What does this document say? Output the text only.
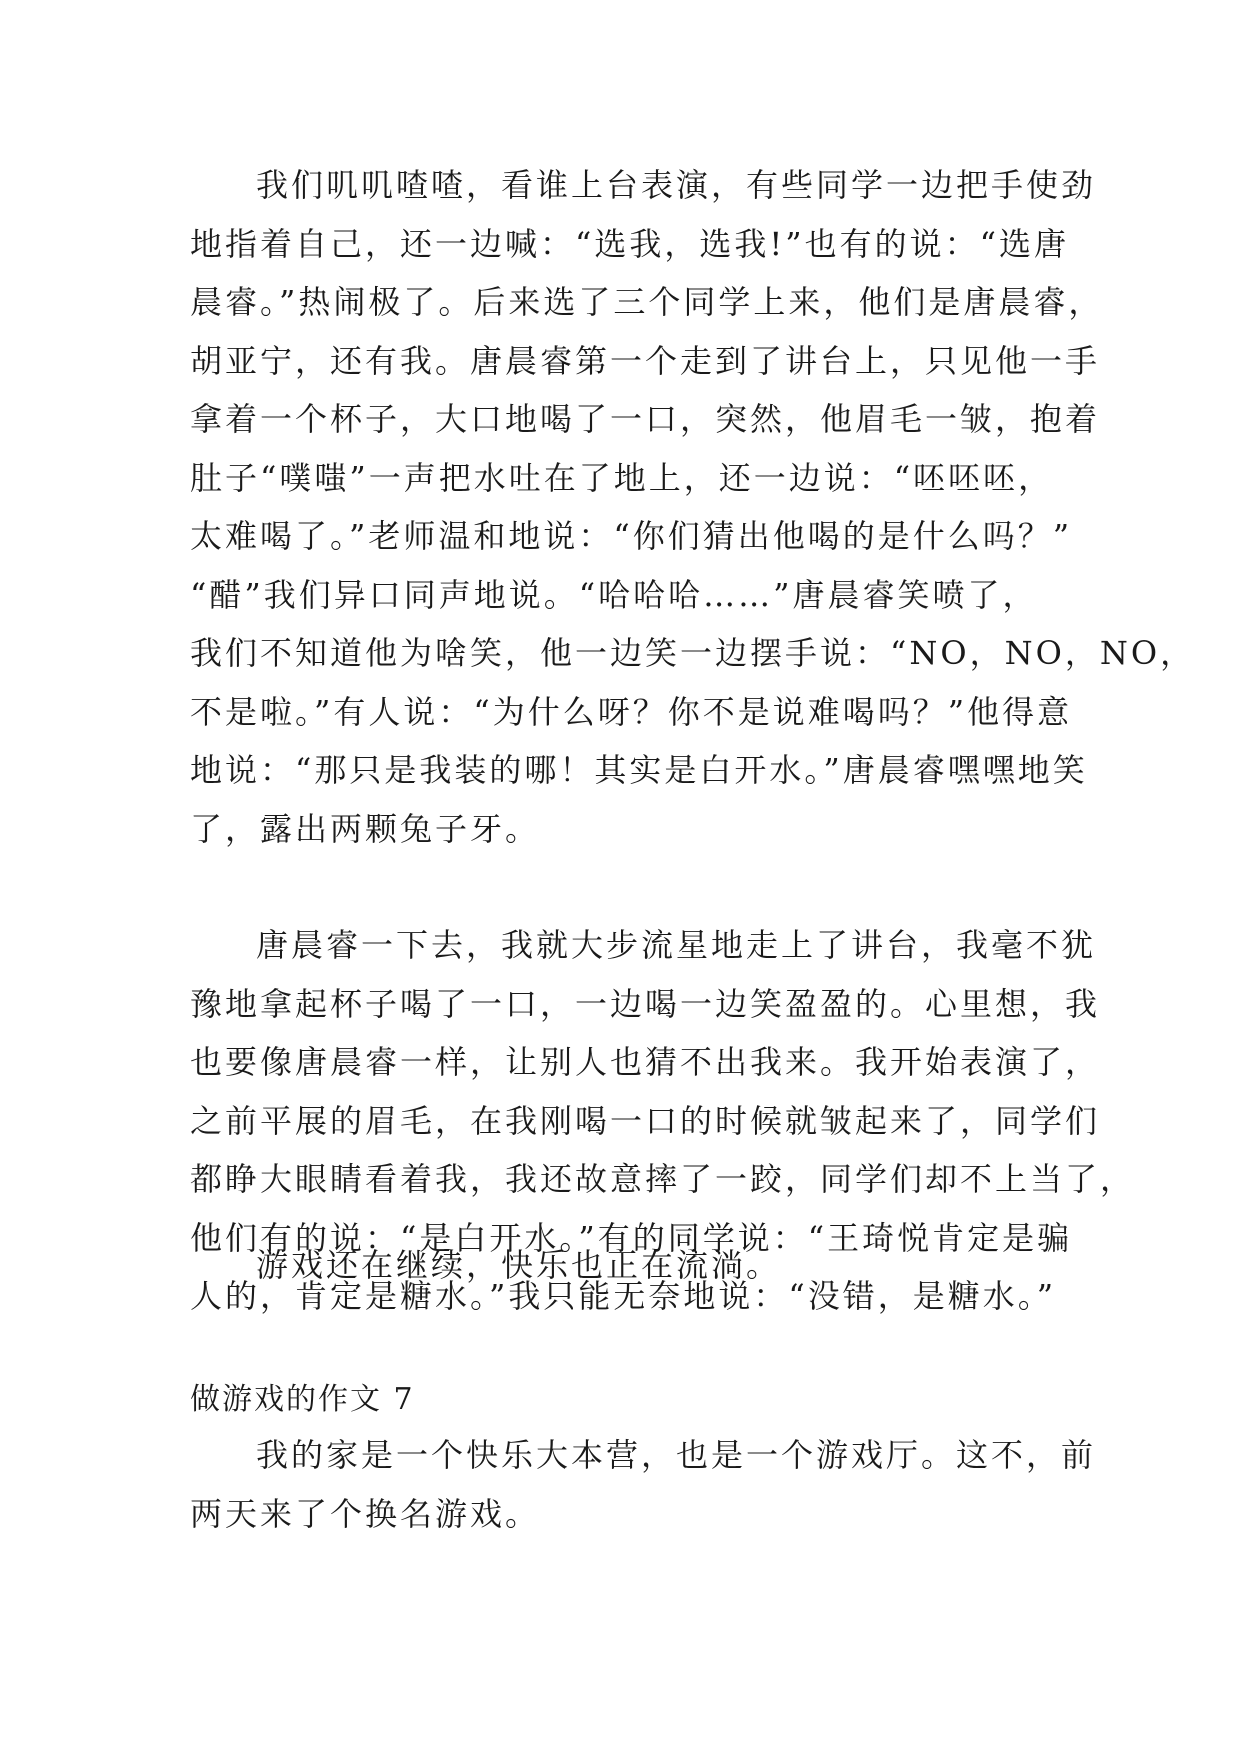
我们叽叽喳喳，看谁上台表演，有些同学一边把手使劲
地指着自己，还一边喊：“选我，选我!”也有的说：“选唐
晨睿。”热闹极了。后来选了三个同学上来，他们是唐晨睿，
胡亚宁，还有我。唐晨睿第一个走到了讲台上，只见他一手
拿着一个杯子，大口地喝了一口，突然，他眉毛一皱，抱着
肚子“噗嗤”一声把水吐在了地上，还一边说：“呸呸呸，
太难喝了。”老师温和地说：“你们猜出他喝的是什么吗？”
“醋”我们异口同声地说。“哈哈哈……”唐晨睿笑喷了，
我们不知道他为啥笑，他一边笑一边摆手说：“NO，NO，NO，
不是啦。”有人说：“为什么呀？你不是说难喝吗？”他得意
地说：“那只是我装的哪！其实是白开水。”唐晨睿嘿嘿地笑
了，露出两颗兔子牙。
唐晨睿一下去，我就大步流星地走上了讲台，我毫不犹
豫地拿起杯子喝了一口，一边喝一边笑盈盈的。心里想，我
也要像唐晨睿一样，让别人也猜不出我来。我开始表演了，
之前平展的眉毛，在我刚喝一口的时候就皱起来了，同学们
都睁大眼睛看着我，我还故意摔了一跤，同学们却不上当了，
他们有的说：“是白开水。”有的同学说：“王琦悦肯定是骗
人的，肯定是糖水。”我只能无奈地说：“没错，是糖水。”
游戏还在继续，快乐也正在流淌。
做游戏的作文 7
我的家是一个快乐大本营，也是一个游戏厅。这不，前
两天来了个换名游戏。
